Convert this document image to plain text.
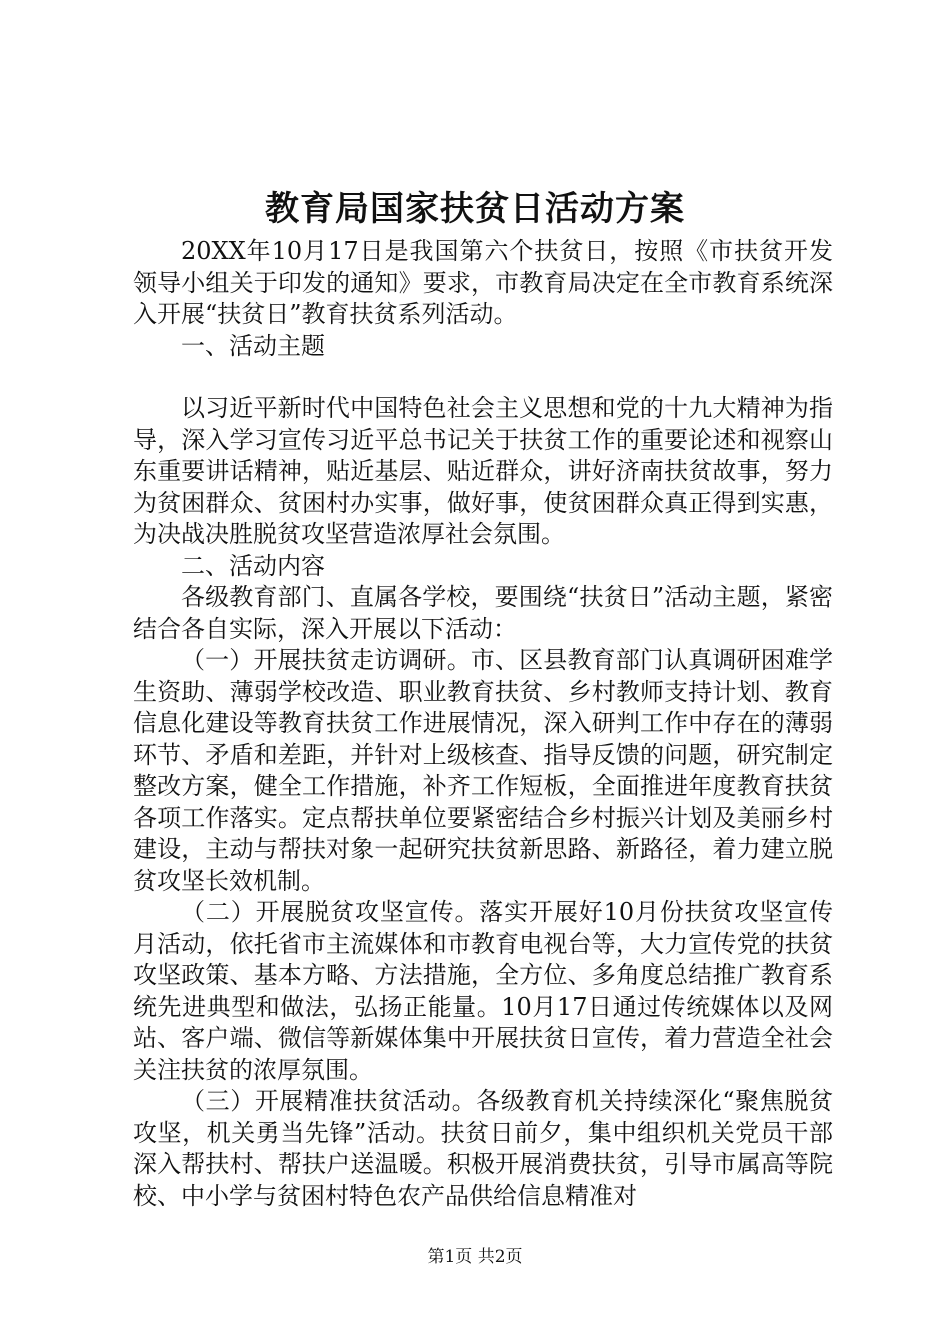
教育局国家扶贫日活动方案

20XX年10月17日是我国第六个扶贫日，按照《市扶贫开发领导小组关于印发的通知》要求，市教育局决定在全市教育系统深入开展“扶贫日”教育扶贫系列活动。

一、活动主题

以习近平新时代中国特色社会主义思想和党的十九大精神为指导，深入学习宣传习近平总书记关于扶贫工作的重要论述和视察山东重要讲话精神，贴近基层、贴近群众，讲好济南扶贫故事，努力为贫困群众、贫困村办实事，做好事，使贫困群众真正得到实惠，为决战决胜脱贫攻坚营造浓厚社会氛围。

二、活动内容

各级教育部门、直属各学校，要围绕“扶贫日”活动主题，紧密结合各自实际，深入开展以下活动：

（一）开展扶贫走访调研。市、区县教育部门认真调研困难学生资助、薄弱学校改造、职业教育扶贫、乡村教师支持计划、教育信息化建设等教育扶贫工作进展情况，深入研判工作中存在的薄弱环节、矛盾和差距，并针对上级核查、指导反馈的问题，研究制定整改方案，健全工作措施，补齐工作短板，全面推进年度教育扶贫各项工作落实。定点帮扶单位要紧密结合乡村振兴计划及美丽乡村建设，主动与帮扶对象一起研究扶贫新思路、新路径，着力建立脱贫攻坚长效机制。

（二）开展脱贫攻坚宣传。落实开展好10月份扶贫攻坚宣传月活动，依托省市主流媒体和市教育电视台等，大力宣传党的扶贫攻坚政策、基本方略、方法措施，全方位、多角度总结推广教育系统先进典型和做法，弘扬正能量。10月17日通过传统媒体以及网站、客户端、微信等新媒体集中开展扶贫日宣传，着力营造全社会关注扶贫的浓厚氛围。

（三）开展精准扶贫活动。各级教育机关持续深化“聚焦脱贫攻坚，机关勇当先锋”活动。扶贫日前夕，集中组织机关党员干部深入帮扶村、帮扶户送温暖。积极开展消费扶贫，引导市属高等院校、中小学与贫困村特色农产品供给信息精准对

第1页 共2页
